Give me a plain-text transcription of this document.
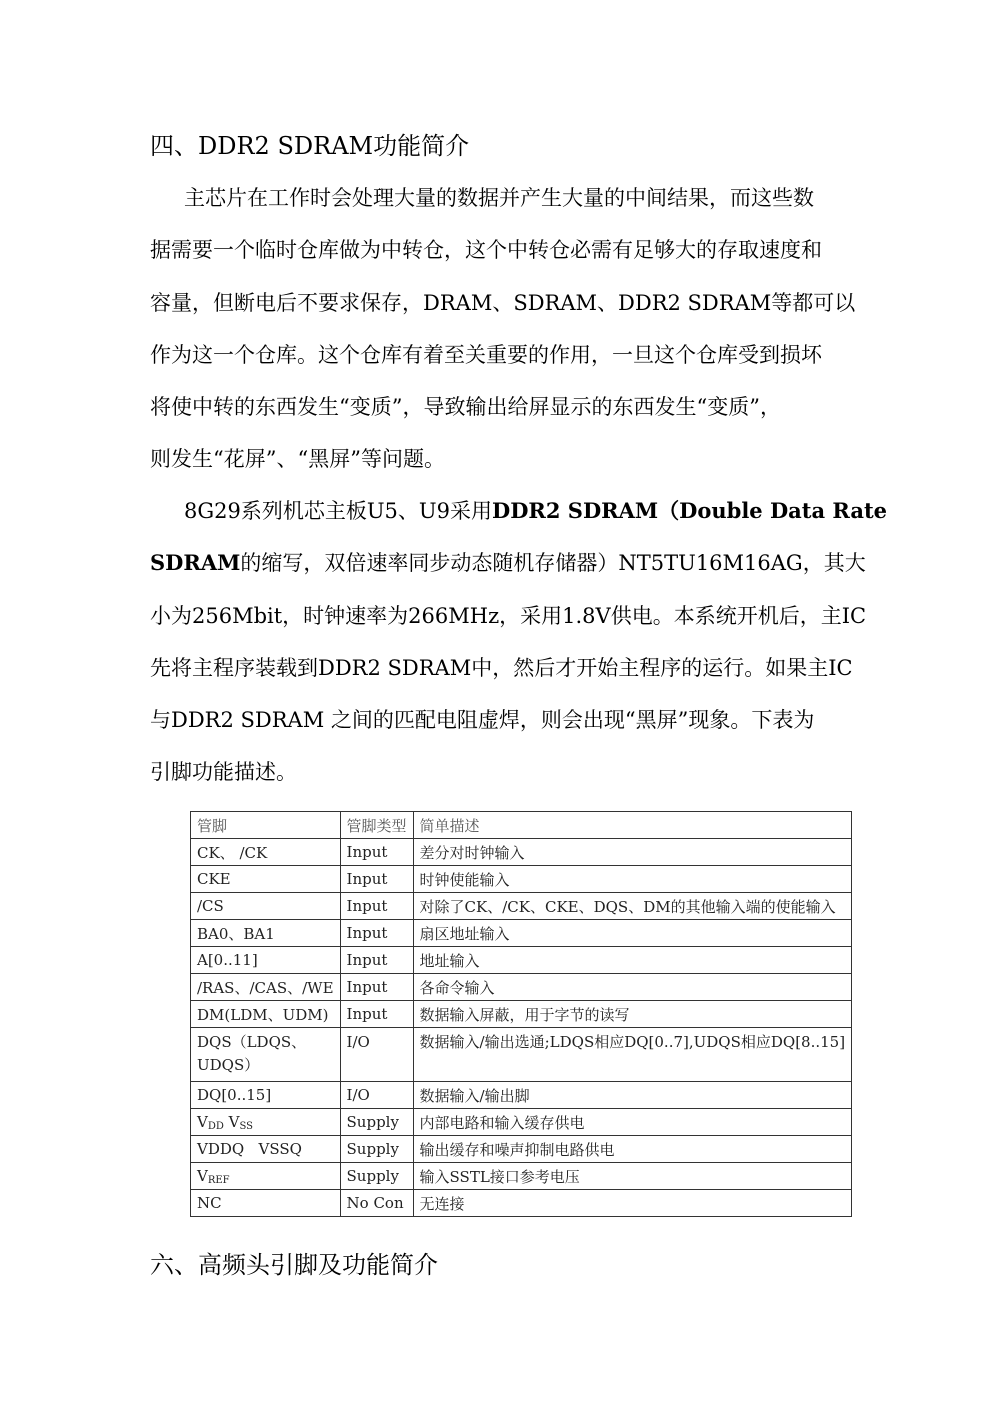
四、DDR2 SDRAM功能简介
主芯片在工作时会处理大量的数据并产生大量的中间结果，而这些数
据需要一个临时仓库做为中转仓，这个中转仓必需有足够大的存取速度和
容量，但断电后不要求保存，DRAM、SDRAM、DDR2 SDRAM等都可以
作为这一个仓库。这个仓库有着至关重要的作用，一旦这个仓库受到损坏
将使中转的东西发生“变质”，导致输出给屏显示的东西发生“变质”，
则发生“花屏”、“黑屏”等问题。
8G29系列机芯主板U5、U9采用DDR2 SDRAM（Double Data Rate
SDRAM的缩写，双倍速率同步动态随机存储器）NT5TU16M16AG，其大
小为256Mbit，时钟速率为266MHz，采用1.8V供电。本系统开机后，主IC
先将主程序装载到DDR2 SDRAM中，然后才开始主程序的运行。如果主IC
与DDR2 SDRAM 之间的匹配电阻虚焊，则会出现“黑屏”现象。下表为
引脚功能描述。
管脚	管脚类型	简单描述
CK、 /CK	Input	差分对时钟输入
CKE	Input	时钟使能输入
/CS	Input	对除了CK、/CK、CKE、DQS、DM的其他输入端的使能输入
BA0、BA1	Input	扇区地址输入
A[0..11]	Input	地址输入
/RAS、/CAS、/WE	Input	各命令输入
DM(LDM、UDM)	Input	数据输入屏蔽，用于字节的读写
DQS（LDQS、UDQS）	I/O	数据输入/输出选通;LDQS相应DQ[0..7],UDQS相应DQ[8..15]
DQ[0..15]	I/O	数据输入/输出脚
$V_{DD}$ $V_{SS}$	Supply	内部电路和输入缓存供电
VDDQ   VSSQ	Supply	输出缓存和噪声抑制电路供电
$V_{REF}$	Supply	输入SSTL接口参考电压
NC	No Con	无连接
六、高频头引脚及功能简介
